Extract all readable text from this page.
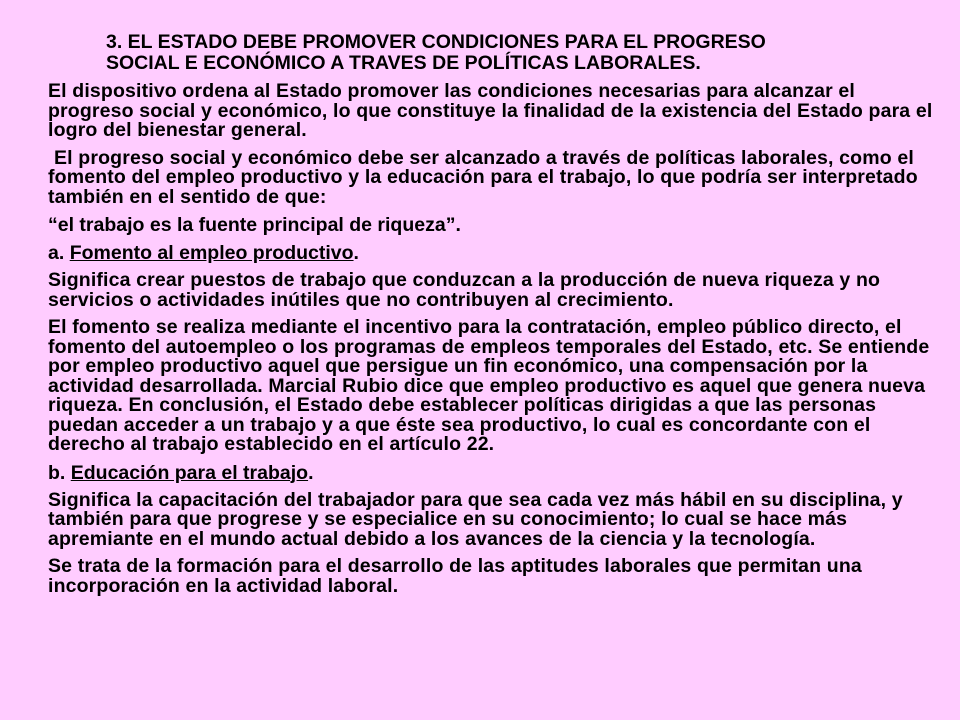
3. EL ESTADO DEBE PROMOVER CONDICIONES PARA EL PROGRESO
SOCIAL E ECONÓMICO A TRAVES DE POLÍTICAS LABORALES.

El dispositivo ordena al Estado promover las condiciones necesarias para alcanzar el progreso social y económico, lo que constituye la finalidad de la existencia del Estado para el logro del bienestar general.

El progreso social y económico debe ser alcanzado a través de políticas laborales, como el fomento del empleo productivo y la educación para el trabajo, lo que podría ser interpretado también en el sentido de que:

“el trabajo es la fuente principal de riqueza”.

a. Fomento al empleo productivo.

Significa crear puestos de trabajo que conduzcan a la producción de nueva riqueza y no servicios o actividades inútiles que no contribuyen al crecimiento.

El fomento se realiza mediante el incentivo para la contratación, empleo público directo, el fomento del autoempleo o los programas de empleos temporales del Estado, etc. Se entiende por empleo productivo aquel que persigue un fin económico, una compensación por la actividad desarrollada. Marcial Rubio dice que empleo productivo es aquel que genera nueva riqueza. En conclusión, el Estado debe establecer políticas dirigidas a que las personas puedan acceder a un trabajo y a que éste sea productivo, lo cual es concordante con el derecho al trabajo establecido en el artículo 22.

b. Educación para el trabajo.

Significa la capacitación del trabajador para que sea cada vez más hábil en su disciplina, y también para que progrese y se especialice en su conocimiento; lo cual se hace más apremiante en el mundo actual debido a los avances de la ciencia y la tecnología.

Se trata de la formación para el desarrollo de las aptitudes laborales que permitan una incorporación en la actividad laboral.
